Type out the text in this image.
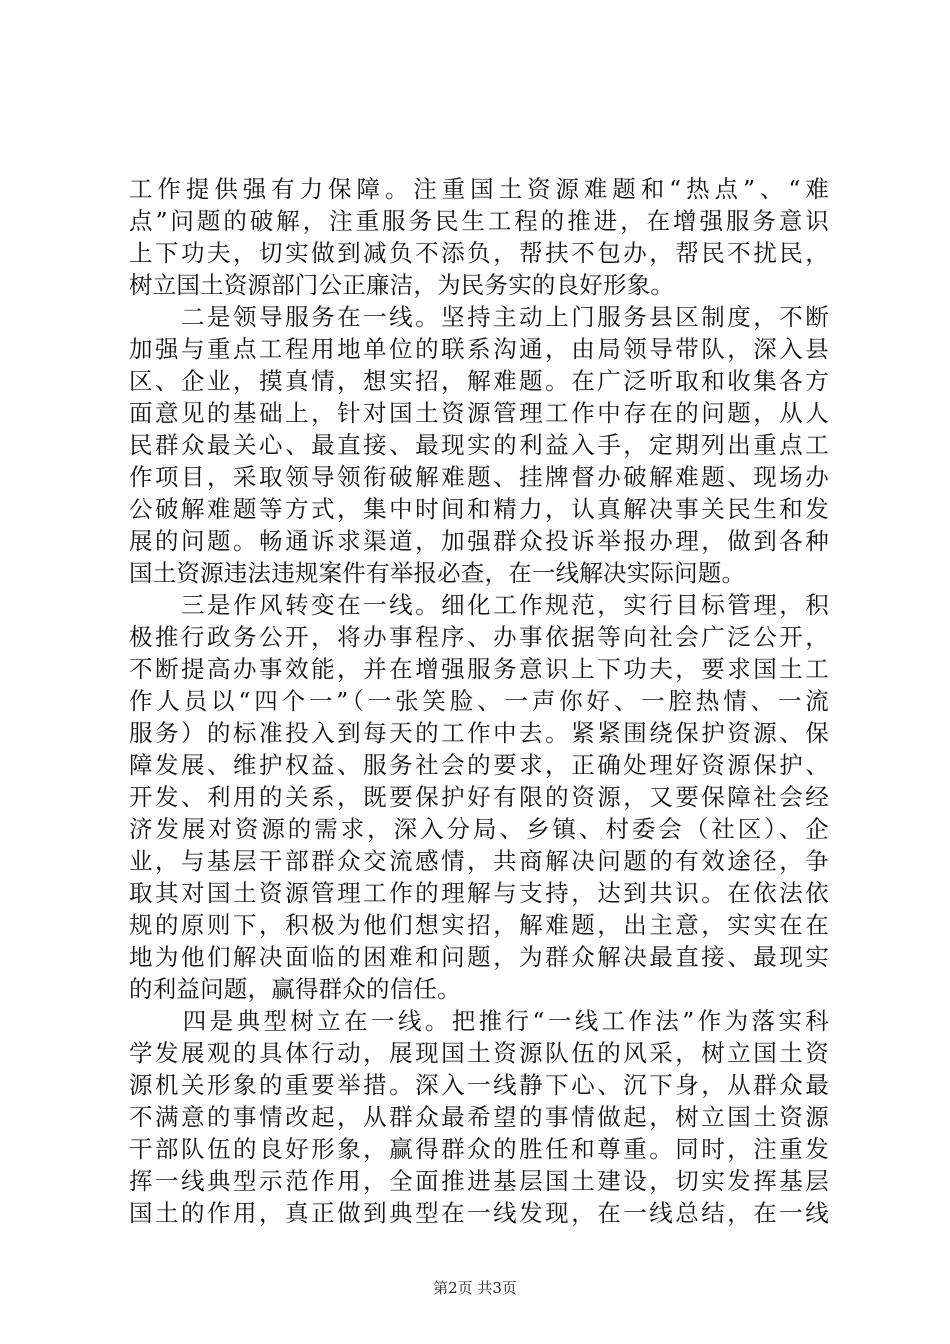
工作提供强有力保障。注重国土资源难题和“热点”、“难
点”问题的破解，注重服务民生工程的推进，在增强服务意识
上下功夫，切实做到减负不添负，帮扶不包办，帮民不扰民，
树立国土资源部门公正廉洁，为民务实的良好形象。
　　二是领导服务在一线。坚持主动上门服务县区制度，不断
加强与重点工程用地单位的联系沟通，由局领导带队，深入县
区、企业，摸真情，想实招，解难题。在广泛听取和收集各方
面意见的基础上，针对国土资源管理工作中存在的问题，从人
民群众最关心、最直接、最现实的利益入手，定期列出重点工
作项目，采取领导领衔破解难题、挂牌督办破解难题、现场办
公破解难题等方式，集中时间和精力，认真解决事关民生和发
展的问题。畅通诉求渠道，加强群众投诉举报办理，做到各种
国土资源违法违规案件有举报必查，在一线解决实际问题。
　　三是作风转变在一线。细化工作规范，实行目标管理，积
极推行政务公开，将办事程序、办事依据等向社会广泛公开，
不断提高办事效能，并在增强服务意识上下功夫，要求国土工
作人员以“四个一”（一张笑脸、一声你好、一腔热情、一流
服务）的标准投入到每天的工作中去。紧紧围绕保护资源、保
障发展、维护权益、服务社会的要求，正确处理好资源保护、
开发、利用的关系，既要保护好有限的资源，又要保障社会经
济发展对资源的需求，深入分局、乡镇、村委会（社区）、企
业，与基层干部群众交流感情，共商解决问题的有效途径，争
取其对国土资源管理工作的理解与支持，达到共识。在依法依
规的原则下，积极为他们想实招，解难题，出主意，实实在在
地为他们解决面临的困难和问题，为群众解决最直接、最现实
的利益问题，赢得群众的信任。
　　四是典型树立在一线。把推行“一线工作法”作为落实科
学发展观的具体行动，展现国土资源队伍的风采，树立国土资
源机关形象的重要举措。深入一线静下心、沉下身，从群众最
不满意的事情改起，从群众最希望的事情做起，树立国土资源
干部队伍的良好形象，赢得群众的胜任和尊重。同时，注重发
挥一线典型示范作用，全面推进基层国土建设，切实发挥基层
国土的作用，真正做到典型在一线发现，在一线总结，在一线
第2页 共3页
